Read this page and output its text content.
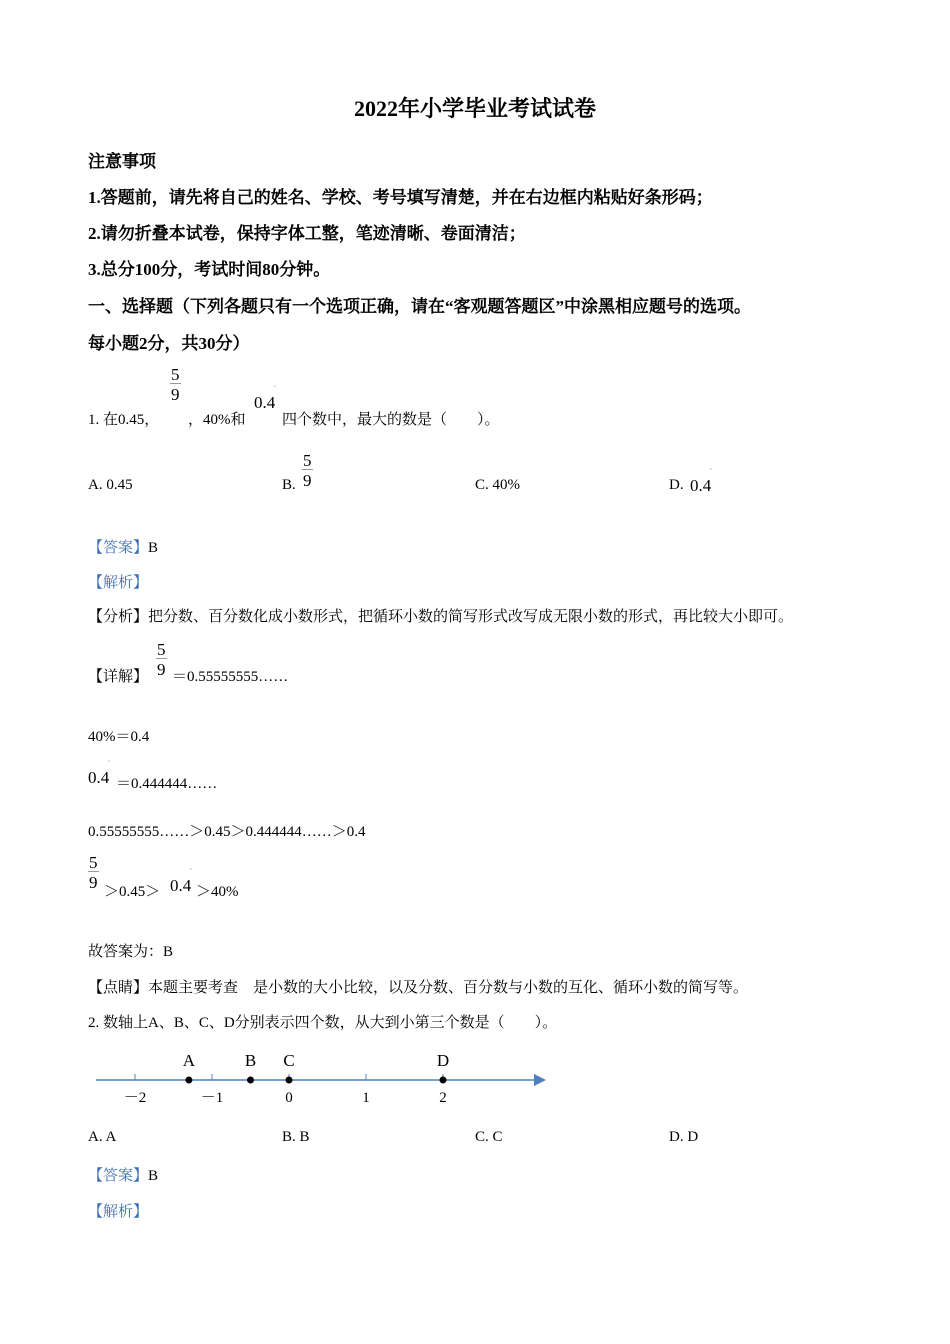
2022年小学毕业考试试卷
注意事项
1.答题前，请先将自己的姓名、学校、考号填写清楚，并在右边框内粘贴好条形码；
2.请勿折叠本试卷，保持字体工整，笔迹清晰、卷面清洁；
3.总分100分，考试时间80分钟。
一、选择题（下列各题只有一个选项正确，请在“客观题答题区”中涂黑相应题号的选项。
每小题2分，共30分）
1. 在0.45，
$\frac{5}{9}$
，40%和
0.4
·
四个数中，最大的数是（　　）。
A. 0.45	B. $\frac{5}{9}$	C. 40%	D. 0.4
·
【答案】B
【解析】
【分析】把分数、百分数化成小数形式，把循环小数的简写形式改写成无限小数的形式，再比较大小即可。
【详解】 $\frac{5}{9}$ ＝0.55555555……
40%＝0.4
0.4
·
＝0.444444……
0.55555555……＞0.45＞0.444444……＞0.4
$\frac{5}{9}$
＞0.45＞ 0.4
·
＞40%
故答案为：B
【点睛】本题主要考查　是小数的大小比较，以及分数、百分数与小数的互化、循环小数的简写等。
2. 数轴上A、B、C、D分别表示四个数，从大到小第三个数是（　　）。
－2	－1	0	1	2
A	B C	D
A. A	B. B	C. C	D. D
【答案】B
【解析】
